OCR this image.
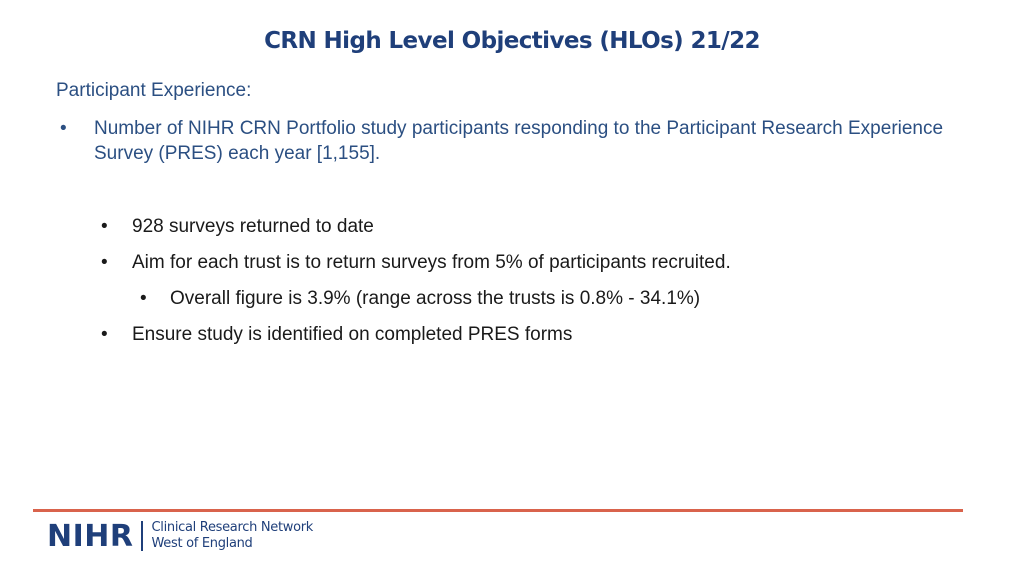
CRN High Level Objectives (HLOs) 21/22
Participant Experience:
• Number of NIHR CRN Portfolio study participants responding to the Participant Research Experience Survey (PRES) each year [1,155].
• 928 surveys returned to date
• Aim for each trust is to return surveys from 5% of participants recruited.
• Overall figure is 3.9% (range across the trusts is 0.8% - 34.1%)
• Ensure study is identified on completed PRES forms
NIHR Clinical Research Network
West of England
